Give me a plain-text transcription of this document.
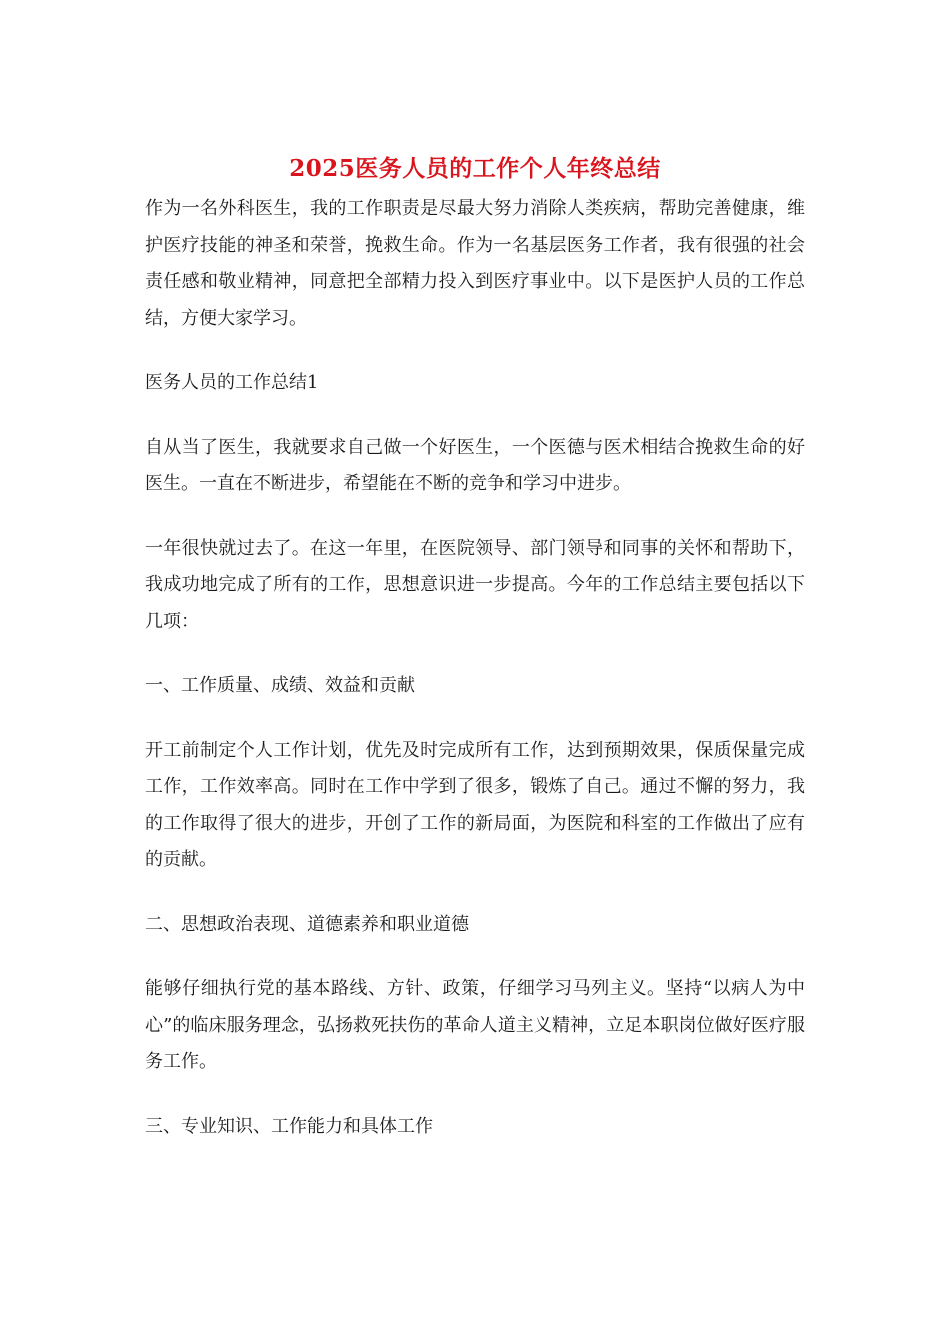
2025医务人员的工作个人年终总结

作为一名外科医生，我的工作职责是尽最大努力消除人类疾病，帮助完善健康，维护医疗技能的神圣和荣誉，挽救生命。作为一名基层医务工作者，我有很强的社会责任感和敬业精神，同意把全部精力投入到医疗事业中。以下是医护人员的工作总结，方便大家学习。

医务人员的工作总结1

自从当了医生，我就要求自己做一个好医生，一个医德与医术相结合挽救生命的好医生。一直在不断进步，希望能在不断的竞争和学习中进步。

一年很快就过去了。在这一年里，在医院领导、部门领导和同事的关怀和帮助下，我成功地完成了所有的工作，思想意识进一步提高。今年的工作总结主要包括以下几项：

一、工作质量、成绩、效益和贡献

开工前制定个人工作计划，优先及时完成所有工作，达到预期效果，保质保量完成工作，工作效率高。同时在工作中学到了很多，锻炼了自己。通过不懈的努力，我的工作取得了很大的进步，开创了工作的新局面，为医院和科室的工作做出了应有的贡献。

二、思想政治表现、道德素养和职业道德

能够仔细执行党的基本路线、方针、政策，仔细学习马列主义。坚持“以病人为中心”的临床服务理念，弘扬救死扶伤的革命人道主义精神，立足本职岗位做好医疗服务工作。

三、专业知识、工作能力和具体工作
